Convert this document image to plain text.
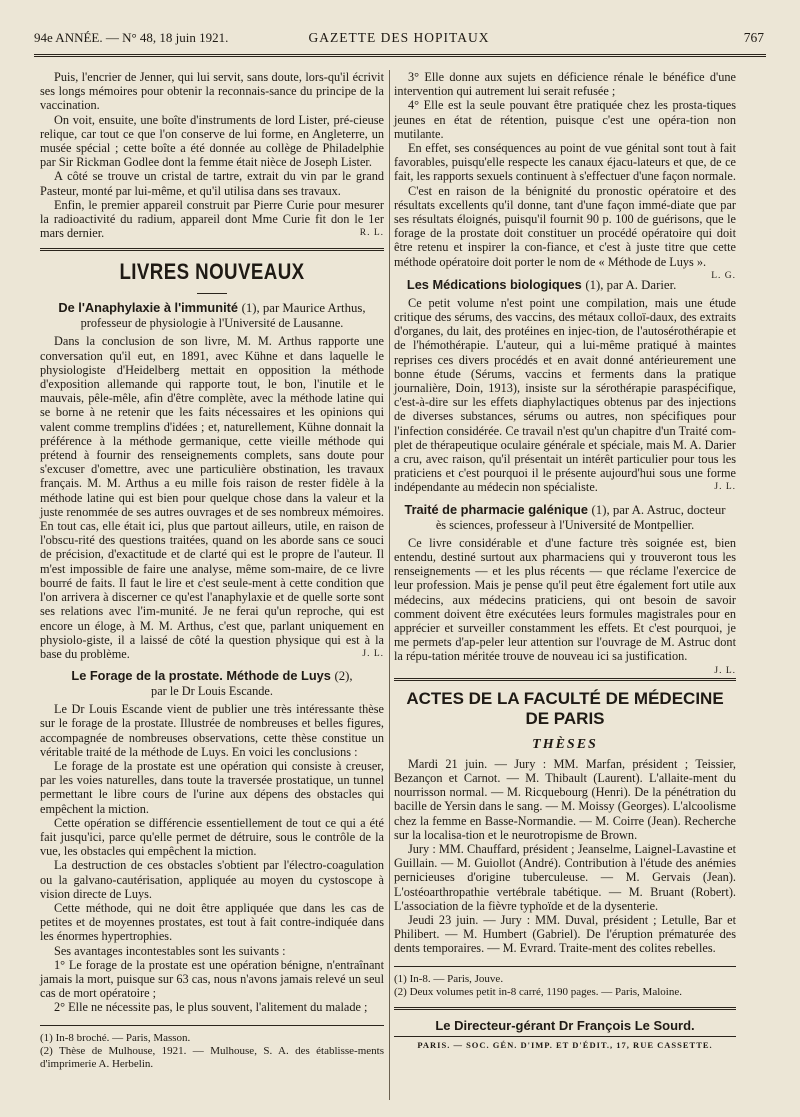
94e ANNÉE. — N° 48, 18 juin 1921.	GAZETTE DES HOPITAUX	767

Puis, l'encrier de Jenner, qui lui servit, sans doute, lors-qu'il écrivit ses longs mémoires pour obtenir la reconnais-sance du principe de la vaccination.

On voit, ensuite, une boîte d'instruments de lord Lister, pré-cieuse relique, car tout ce que l'on conserve de lui forme, en Angleterre, un musée spécial ; cette boîte a été donnée au collège de Philadelphie par Sir Rickman Godlee dont la femme était nièce de Joseph Lister.

A côté se trouve un cristal de tartre, extrait du vin par le grand Pasteur, monté par lui-même, et qu'il utilisa dans ses travaux.

Enfin, le premier appareil construit par Pierre Curie pour mesurer la radioactivité du radium, appareil dont Mme Curie fit don le 1er mars dernier.	R. L.

LIVRES NOUVEAUX
De l'Anaphylaxie à l'immunité (1), par Maurice Arthus,
professeur de physiologie à l'Université de Lausanne.

Dans la conclusion de son livre, M. M. Arthus rapporte une conversation qu'il eut, en 1891, avec Kühne et dans laquelle le physiologiste d'Heidelberg mettait en opposition la méthode d'exposition allemande qui rapporte tout, le bon, l'inutile et le mauvais, pêle-mêle, afin d'être complète, avec la méthode latine qui se borne à ne retenir que les faits nécessaires et les opinions qui valent comme tremplins d'idées ; et, naturellement, Kühne donnait la préférence à la méthode germanique, cette vieille méthode qui prétend à fournir des renseignements complets, sans doute pour s'excuser d'omettre, avec une particulière obstination, les travaux français. M. M. Arthus a eu mille fois raison de rester fidèle à la méthode latine qui est bien pour quelque chose dans la valeur et la juste renommée de ses autres ouvrages et de ses nombreux mémoires. En tout cas, elle était ici, plus que partout ailleurs, utile, en raison de l'obscu-rité des questions traitées, quand on les aborde sans ce souci de précision, d'exactitude et de clarté qui est le propre de l'auteur. Il m'est impossible de faire une analyse, même som-maire, de ce livre bourré de faits. Il faut le lire et c'est seule-ment à cette condition que l'on arrivera à discerner ce qu'est l'anaphylaxie et de quelle sorte sont ses relations avec l'im-munité. Je ne ferai qu'un reproche, qui est encore un éloge, à M. M. Arthus, c'est que, parlant uniquement en physiolo-giste, il a laissé de côté la question physique qui est à la base du problème.	J. L.

Le Forage de la prostate. Méthode de Luys (2),
par le Dr Louis Escande.

Le Dr Louis Escande vient de publier une très intéressante thèse sur le forage de la prostate. Illustrée de nombreuses et belles figures, accompagnée de nombreuses observations, cette thèse constitue un véritable traité de la méthode de Luys. En voici les conclusions :

Le forage de la prostate est une opération qui consiste à creuser, par les voies naturelles, dans toute la traversée prostatique, un tunnel permettant le libre cours de l'urine aux dépens des obstacles qui empêchent la miction.

Cette opération se différencie essentiellement de tout ce qui a été fait jusqu'ici, parce qu'elle permet de détruire, sous le contrôle de la vue, les obstacles qui empêchent la miction.

La destruction de ces obstacles s'obtient par l'électro-coagulation ou la galvano-cautérisation, appliquée au moyen du cystoscope à vision directe de Luys.

Cette méthode, qui ne doit être appliquée que dans les cas de petites et de moyennes prostates, est tout à fait contre-indiquée dans les énormes hypertrophies.

Ses avantages incontestables sont les suivants :

1° Le forage de la prostate est une opération bénigne, n'entraînant jamais la mort, puisque sur 63 cas, nous n'avons jamais relevé un seul cas de mort opératoire ;

2° Elle ne nécessite pas, le plus souvent, l'alitement du malade ;

(1) In-8 broché. — Paris, Masson.

(2) Thèse de Mulhouse, 1921. — Mulhouse, S. A. des établisse-ments d'imprimerie A. Herbelin.

3° Elle donne aux sujets en déficience rénale le bénéfice d'une intervention qui autrement lui serait refusée ;

4° Elle est la seule pouvant être pratiquée chez les prosta-tiques jeunes en état de rétention, puisque c'est une opéra-tion non mutilante.

En effet, ses conséquences au point de vue génital sont tout à fait favorables, puisqu'elle respecte les canaux éjacu-lateurs et que, de ce fait, les rapports sexuels continuent à s'effectuer d'une façon normale.

C'est en raison de la bénignité du pronostic opératoire et des résultats excellents qu'il donne, tant d'une façon immé-diate que par ses résultats éloignés, puisqu'il fournit 90 p. 100 de guérisons, que le forage de la prostate doit constituer un procédé opératoire qui doit être retenu et inspirer la con-fiance, et c'est à juste titre que cette méthode opératoire doit porter le nom de « Méthode de Luys ».
L. G.

Les Médications biologiques (1), par A. Darier.

Ce petit volume n'est point une compilation, mais une étude critique des sérums, des vaccins, des métaux colloï-daux, des extraits d'organes, du lait, des protéines en injec-tion, de l'autosérothérapie et de l'hémothérapie. L'auteur, qui a lui-même pratiqué à maintes reprises ces divers procédés et en avait donné antérieurement une bonne étude (Sérums, vaccins et ferments dans la pratique journalière, Doin, 1913), insiste sur la sérothérapie paraspécifique, c'est-à-dire sur les effets diaphylactiques obtenus par des injections de diverses substances, sérums ou autres, non spécifiques pour l'infection considérée. Ce travail n'est qu'un chapitre d'un Traité com-plet de thérapeutique oculaire générale et spéciale, mais M. A. Darier a cru, avec raison, qu'il présentait un intérêt particulier pour tous les praticiens et c'est pourquoi il le présente aujourd'hui sous une forme indépendante au médecin non spécialiste.	J. L.

Traité de pharmacie galénique (1), par A. Astruc, docteur
ès sciences, professeur à l'Université de Montpellier.

Ce livre considérable et d'une facture très soignée est, bien entendu, destiné surtout aux pharmaciens qui y trouveront tous les renseignements — et les plus récents — que réclame l'exercice de leur profession. Mais je pense qu'il peut être également fort utile aux médecins, aux médecins praticiens, qui ont besoin de savoir comment doivent être exécutées leurs formules magistrales pour en apprécier et surveiller constamment les effets. Et c'est pourquoi, je me permets d'ap-peler leur attention sur l'ouvrage de M. Astruc dont la répu-tation méritée trouve de nouveau ici sa justification.

J. L.

ACTES DE LA FACULTÉ DE MÉDECINE DE PARIS
THÈSES

Mardi 21 juin. — Jury : MM. Marfan, président ; Teissier, Bezançon et Carnot. — M. Thibault (Laurent). L'allaite-ment du nourrisson normal. — M. Ricquebourg (Henri). De la pénétration du bacille de Yersin dans le sang. — M. Moissy (Georges). L'alcoolisme chez la femme en Basse-Normandie. — M. Coirre (Jean). Recherche sur la localisa-tion et le neurotropisme de Brown.

Jury : MM. Chauffard, président ; Jeanselme, Laignel-Lavastine et Guillain. — M. Guiollot (André). Contribution à l'étude des anémies pernicieuses d'origine tuberculeuse. — M. Gervais (Jean). L'ostéoarthropathie vertébrale tabétique. — M. Bruant (Robert). L'association de la fièvre typhoïde et de la dysenterie.

Jeudi 23 juin. — Jury : MM. Duval, président ; Letulle, Bar et Philibert. — M. Humbert (Gabriel). De l'éruption prématurée des dents temporaires. — M. Evrard. Traite-ment des colites rebelles.

(1) In-8. — Paris, Jouve.

(2) Deux volumes petit in-8 carré, 1190 pages. — Paris, Maloine.

Le Directeur-gérant Dr François Le Sourd.
PARIS. — SOC. GÉN. D'IMP. ET D'ÉDIT., 17, RUE CASSETTE.
